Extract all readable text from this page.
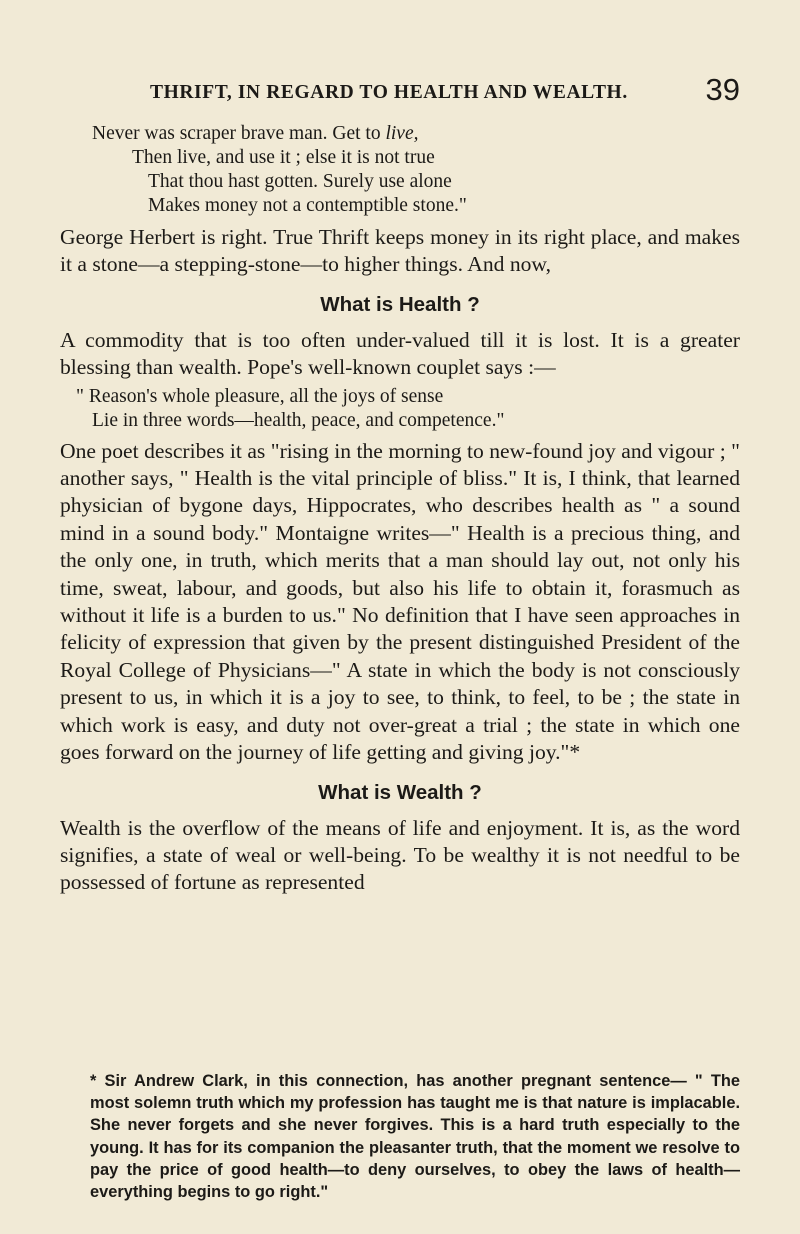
THRIFT, IN REGARD TO HEALTH AND WEALTH.	39
Never was scraper brave man. Get to live,
Then live, and use it ; else it is not true
That thou hast gotten. Surely use alone
Makes money not a contemptible stone."

George Herbert is right. True Thrift keeps money in its right place, and makes it a stone—a stepping-stone—to higher things. And now,

What is Health ?

A commodity that is too often under-valued till it is lost. It is a greater blessing than wealth. Pope's well-known couplet says :—

" Reason's whole pleasure, all the joys of sense
Lie in three words—health, peace, and competence."

One poet describes it as "rising in the morning to new-found joy and vigour ; " another says, " Health is the vital principle of bliss." It is, I think, that learned physician of bygone days, Hippocrates, who describes health as " a sound mind in a sound body." Montaigne writes—" Health is a precious thing, and the only one, in truth, which merits that a man should lay out, not only his time, sweat, labour, and goods, but also his life to obtain it, forasmuch as without it life is a burden to us." No definition that I have seen approaches in felicity of expression that given by the present distinguished President of the Royal College of Physicians—" A state in which the body is not consciously present to us, in which it is a joy to see, to think, to feel, to be ; the state in which work is easy, and duty not over-great a trial ; the state in which one goes forward on the journey of life getting and giving joy."*

What is Wealth ?

Wealth is the overflow of the means of life and enjoyment. It is, as the word signifies, a state of weal or well-being. To be wealthy it is not needful to be possessed of fortune as represented

* Sir Andrew Clark, in this connection, has another pregnant sentence— " The most solemn truth which my profession has taught me is that nature is implacable. She never forgets and she never forgives. This is a hard truth especially to the young. It has for its companion the pleasanter truth, that the moment we resolve to pay the price of good health—to deny ourselves, to obey the laws of health—everything begins to go right."
